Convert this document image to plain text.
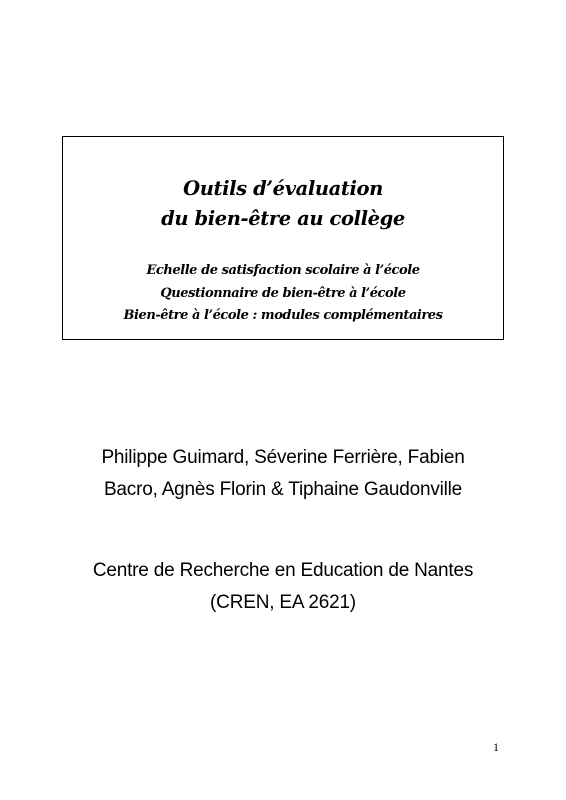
Outils d’évaluation
du bien-être au collège
Echelle de satisfaction scolaire à l’école
Questionnaire de bien-être à l’école
Bien-être à l’école : modules complémentaires
Philippe Guimard, Séverine Ferrière, Fabien
Bacro, Agnès Florin & Tiphaine Gaudonville
Centre de Recherche en Education de Nantes
(CREN, EA 2621)
1
